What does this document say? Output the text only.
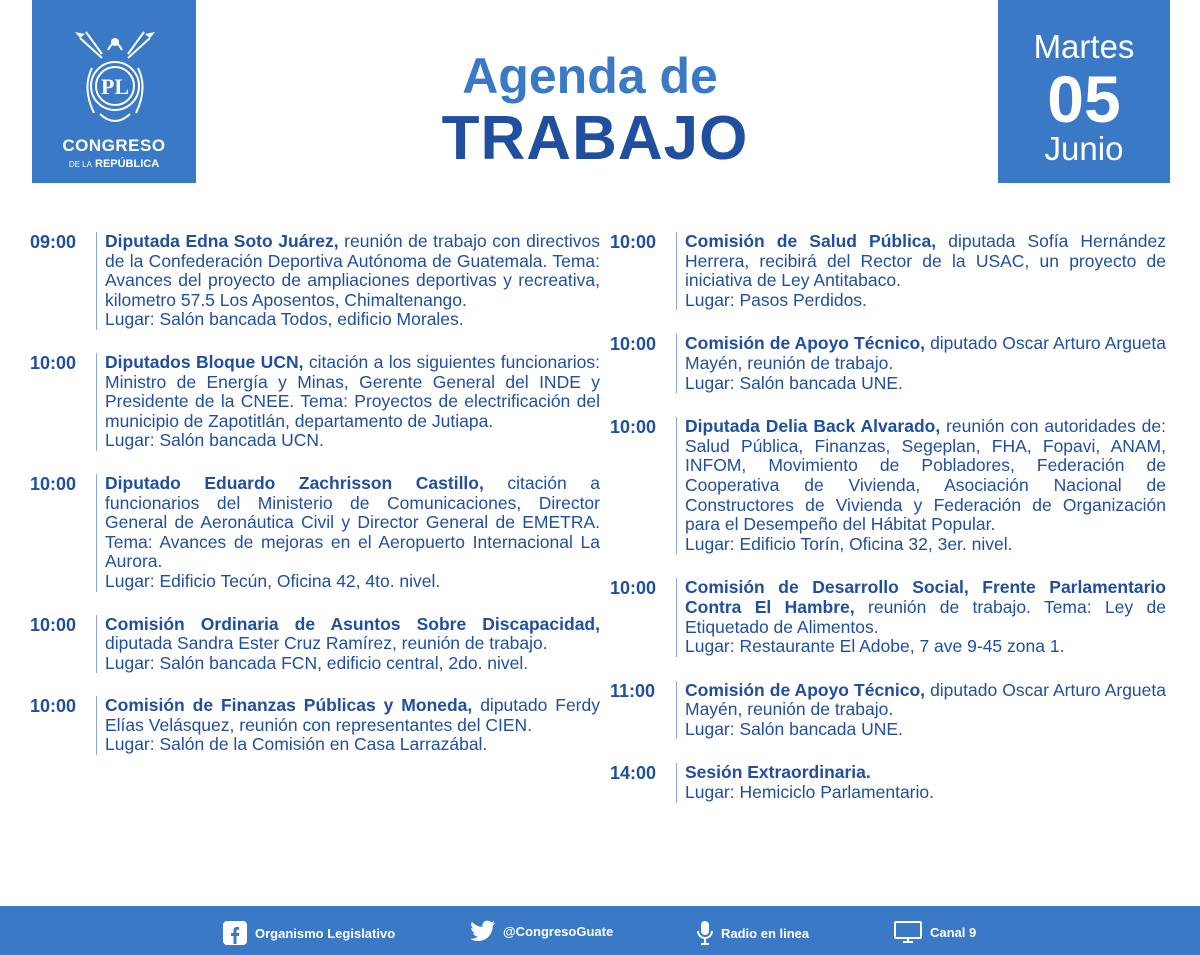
PL
CONGRESO
DE LA REPÚBLICA
Agenda de
TRABAJO
Martes
05
Junio
09:00	Diputada Edna Soto Juárez, reunión de trabajo con directivos de la Confederación Deportiva Autónoma de Guatemala. Tema: Avances del proyecto de ampliaciones deportivas y recreativa, kilometro 57.5 Los Aposentos, Chimaltenango.
Lugar: Salón bancada Todos, edificio Morales.
10:00	Diputados Bloque UCN, citación a los siguientes funcionarios: Ministro de Energía y Minas, Gerente General del INDE y Presidente de la CNEE. Tema: Proyectos de electrificación del municipio de Zapotitlán, departamento de Jutiapa.
Lugar: Salón bancada UCN.
10:00	Diputado Eduardo Zachrisson Castillo, citación a funcionarios del Ministerio de Comunicaciones, Director General de Aeronáutica Civil y Director General de EMETRA. Tema: Avances de mejoras en el Aeropuerto Internacional La Aurora.
Lugar: Edificio Tecún, Oficina 42, 4to. nivel.
10:00	Comisión Ordinaria de Asuntos Sobre Discapacidad, diputada Sandra Ester Cruz Ramírez, reunión de trabajo.
Lugar: Salón bancada FCN, edificio central, 2do. nivel.
10:00	Comisión de Finanzas Públicas y Moneda, diputado Ferdy Elías Velásquez, reunión con representantes del CIEN.
Lugar: Salón de la Comisión en Casa Larrazábal.
10:00	Comisión de Salud Pública, diputada Sofía Hernández Herrera, recibirá del Rector de la USAC, un proyecto de iniciativa de Ley Antitabaco.
Lugar: Pasos Perdidos.
10:00	Comisión de Apoyo Técnico, diputado Oscar Arturo Argueta Mayén, reunión de trabajo.
Lugar: Salón bancada UNE.
10:00	Diputada Delia Back Alvarado, reunión con autoridades de: Salud Pública, Finanzas, Segeplan, FHA, Fopavi, ANAM, INFOM, Movimiento de Pobladores, Federación de Cooperativa de Vivienda, Asociación Nacional de Constructores de Vivienda y Federación de Organización para el Desempeño del Hábitat Popular.
Lugar: Edificio Torín, Oficina 32, 3er. nivel.
10:00	Comisión de Desarrollo Social, Frente Parlamentario Contra El Hambre, reunión de trabajo. Tema: Ley de Etiquetado de Alimentos.
Lugar: Restaurante El Adobe, 7 ave 9-45 zona 1.
11:00	Comisión de Apoyo Técnico, diputado Oscar Arturo Argueta Mayén, reunión de trabajo.
Lugar: Salón bancada UNE.
14:00	Sesión Extraordinaria.
Lugar: Hemiciclo Parlamentario.
Organismo Legislativo	@CongresoGuate	Radio en linea	Canal 9
